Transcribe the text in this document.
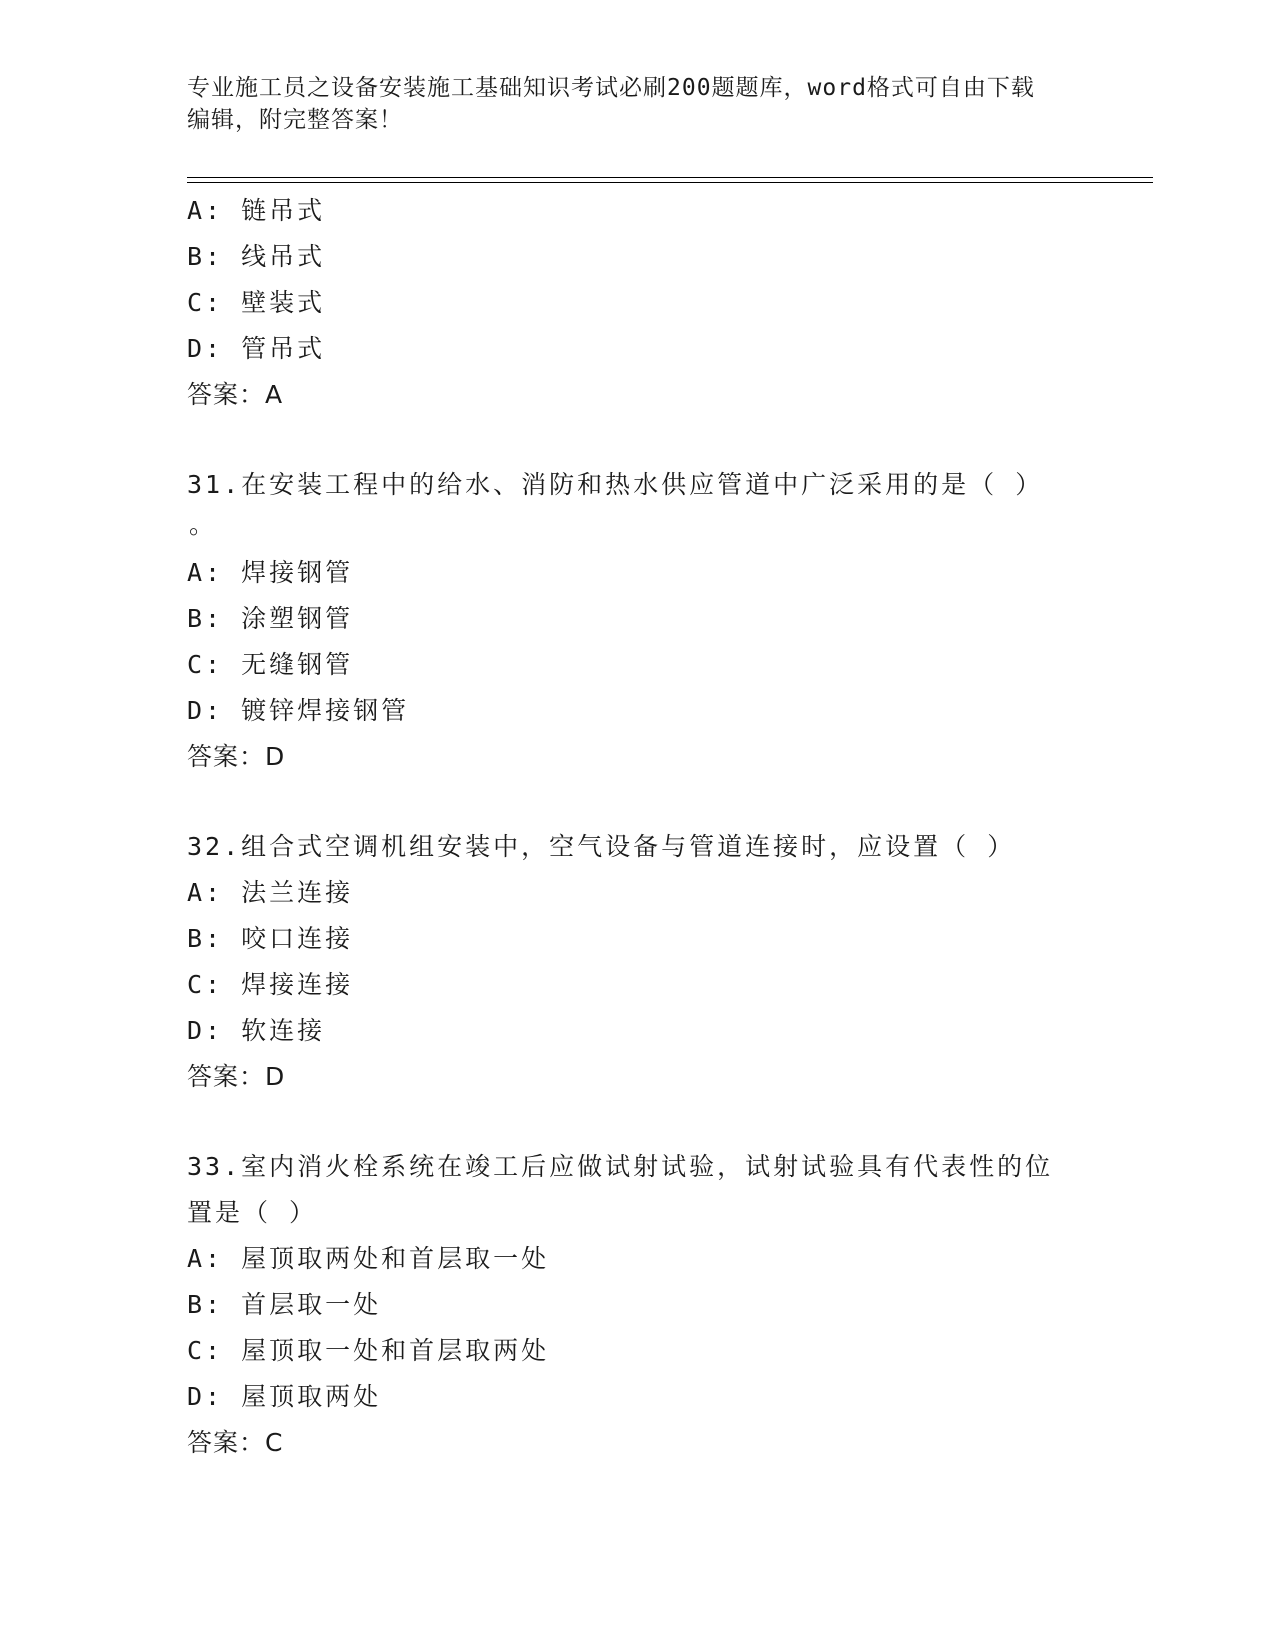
专业施工员之设备安装施工基础知识考试必刷200题题库，word格式可自由下载
编辑，附完整答案！
A: 链吊式
B: 线吊式
C: 壁装式
D: 管吊式
答案：A
31.在安装工程中的给水、消防和热水供应管道中广泛采用的是（ ）
。
A: 焊接钢管
B: 涂塑钢管
C: 无缝钢管
D: 镀锌焊接钢管
答案：D
32.组合式空调机组安装中，空气设备与管道连接时，应设置（ ）
A: 法兰连接
B: 咬口连接
C: 焊接连接
D: 软连接
答案：D
33.室内消火栓系统在竣工后应做试射试验，试射试验具有代表性的位
置是（ ）
A: 屋顶取两处和首层取一处
B: 首层取一处
C: 屋顶取一处和首层取两处
D: 屋顶取两处
答案：C
